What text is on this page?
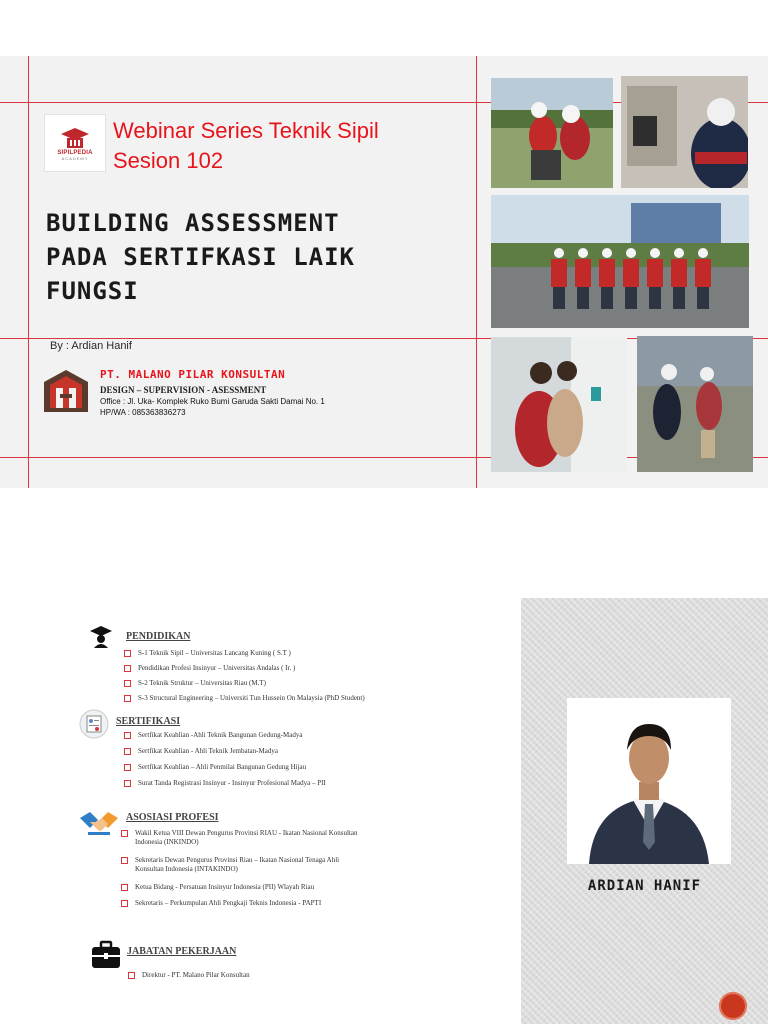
SIPILPEDIA
ACADEMY
Webinar Series Teknik Sipil
Sesion 102
BUILDING ASSESSMENT
PADA SERTIFKASI LAIK
FUNGSI
By : Ardian Hanif
PT. MALANO PILAR KONSULTAN
DESIGN – SUPERVISION - ASESSMENT
Office : Jl. Uka- Komplek Ruko Bumi Garuda Sakti Damai No. 1
HP/WA : 085363836273
PENDIDIKAN
S-1 Teknik Sipil – Universitas Lancang Kuning ( S.T )
Pendidikan Profesi Insinyur – Universitas Andalas ( Ir. )
S-2 Teknik Struktur – Universitas Riau (M.T)
S-3 Structural Engineering – Universiti Tun Hussein On Malaysia (PhD Student)
SERTIFIKASI
Sertfikat Keahlian -Ahli Teknik Bangunan Gedung-Madya
Sertfikat Keahlian - Ahli Teknik Jembatan-Madya
Sertfikat Keahlian – Ahli Penmilai Bangunan Gedung Hijau
Surat Tanda Registrasi Insinyur - Insinyur Profesional Madya – PII
ASOSIASI PROFESI
Wakil Ketua VIII Dewan Pengurus Provinsi RIAU - Ikatan Nasional Konsultan
Indonesia (INKINDO)
Sekretaris Dewan Pengurus Provinsi Riau – Ikatan Nasional Tenaga Ahli
Konsultan Indonesia (INTAKINDO)
Ketua Bidang - Persatuan Insinyur Indonesia (PII) Wlayah Riau
Sekretaris – Perkumpulan Ahli Pengkaji Teknis Indonesia - PAPTI
JABATAN PEKERJAAN
Direktur - PT. Malano Pilar Konsultan
ARDIAN HANIF
